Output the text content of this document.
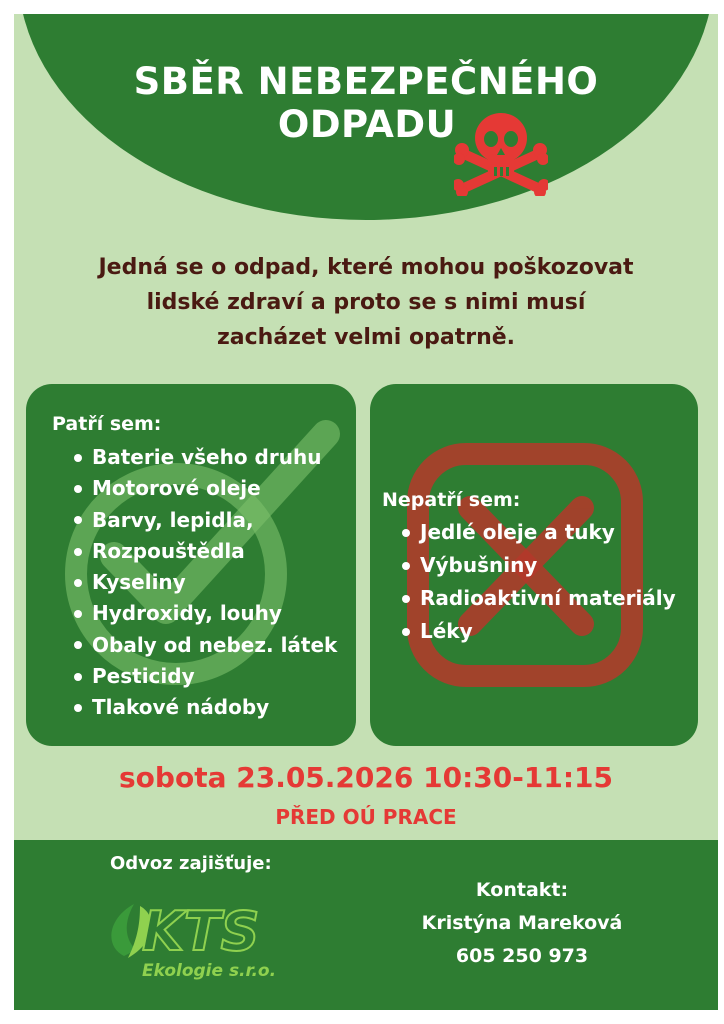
SBĚR NEBEZPEČNÉHO
ODPADU

Jedná se o odpad, které mohou poškozovat
lidské zdraví a proto se s nimi musí
zacházet velmi opatrně.

Patří sem:
Baterie všeho druhu
Motorové oleje
Barvy, lepidla,
Rozpouštědla
Kyseliny
Hydroxidy, louhy
Obaly od nebez. látek
Pesticidy
Tlakové nádoby
Nepatří sem:
Jedlé oleje a tuky
Výbušniny
Radioaktivní materiály
Léky

sobota 23.05.2026 10:30-11:15

PŘED OÚ PRACE

Odvoz zajišťuje:

KTS
Ekologie s.r.o.
Kontakt:
Kristýna Mareková
605 250 973
